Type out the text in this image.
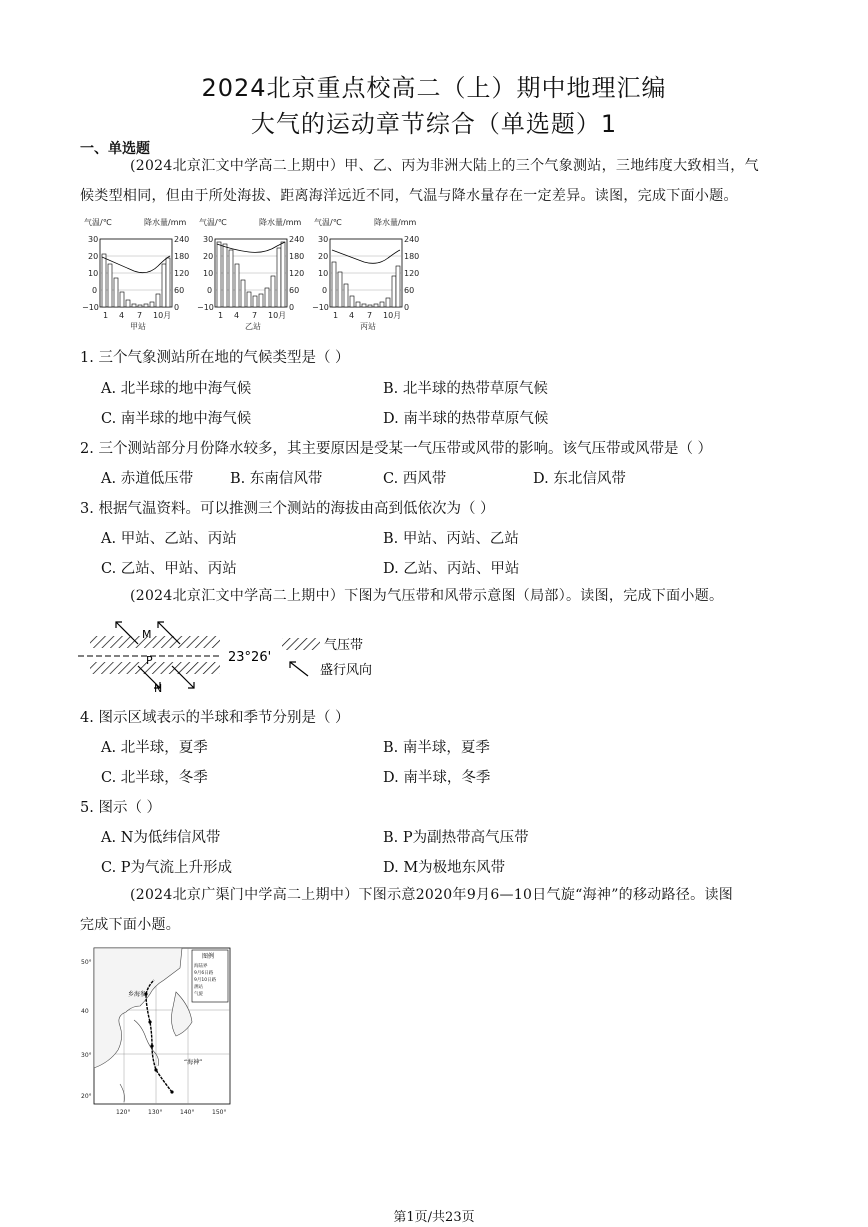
2024北京重点校高二（上）期中地理汇编
大气的运动章节综合（单选题）1
一、单选题
(2024北京汇文中学高二上期中）甲、乙、丙为非洲大陆上的三个气象测站，三地纬度大致相当，气
候类型相同，但由于所处海拔、距离海洋远近不同，气温与降水量存在一定差异。读图，完成下面小题。
气温/℃	降水量/mm
30
20
10
0
−10
240
180
120
60
0
1 4 7 10月
甲站
气温/℃	降水量/mm
30
20
10
0
−10
240
180
120
60
0
1 4 7 10月
乙站
气温/℃	降水量/mm
30
20
10
0
−10
240
180
120
60
0
1 4 7 10月
丙站
1. 三个气象测站所在地的气候类型是（ ）
A. 北半球的地中海气候	B. 北半球的热带草原气候
C. 南半球的地中海气候	D. 南半球的热带草原气候
2. 三个测站部分月份降水较多，其主要原因是受某一气压带或风带的影响。该气压带或风带是（ ）
A. 赤道低压带	B. 东南信风带	C. 西风带	D. 东北信风带
3. 根据气温资料。可以推测三个测站的海拔由高到低依次为（ ）
A. 甲站、乙站、丙站	B. 甲站、丙站、乙站
C. 乙站、甲站、丙站	D. 乙站、丙站、甲站
(2024北京汇文中学高二上期中）下图为气压带和风带示意图（局部）。读图，完成下面小题。
M
P
N
23°26'
气压带
盛行风向
4. 图示区域表示的半球和季节分别是（ ）
A. 北半球，夏季	B. 南半球，夏季
C. 北半球，冬季	D. 南半球，冬季
5. 图示（ ）
A. N为低纬信风带	B. P为副热带高气压带
C. P为气流上升形成	D. M为极地东风带
(2024北京广渠门中学高二上期中）下图示意2020年9月6—10日气旋“海神”的移动路径。读图
完成下面小题。
图例
海陆界
9月6日路
9月10日路
测站
气旋
乡海参
“海神”
50°
40
30°
20°
120°	130°	140°	150°
第1页/共23页
